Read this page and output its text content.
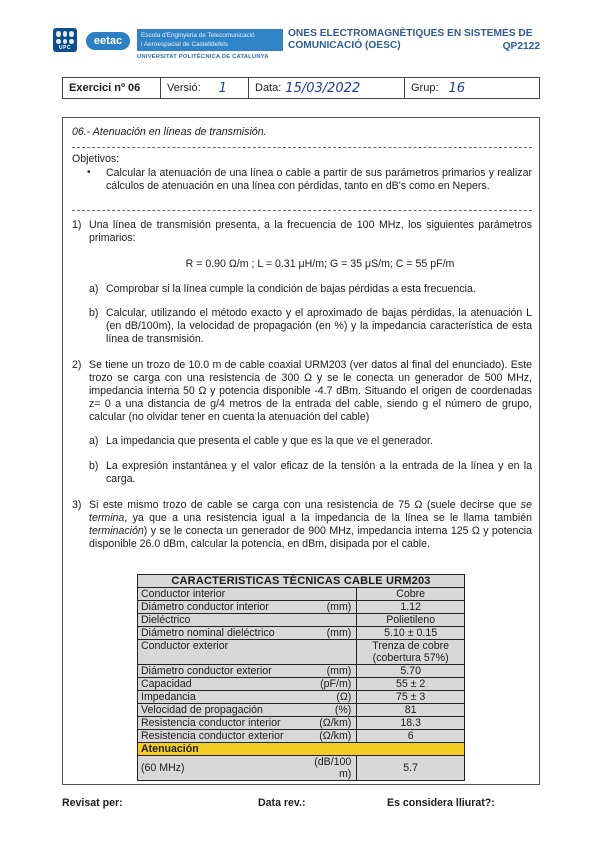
UPC
eetac	Escola d'Enginyeria de Telecomunicació
i Aeroespacial de Castelldefels
UNIVERSITAT POLITÈCNICA DE CATALUNYA
ONES ELECTROMAGNÈTIQUES EN SISTEMES DE COMUNICACIÓ (OESC)	QP2122
Exercici nº 06	Versió: 1	Data: 15/03/2022	Grup: 16
06.- Atenuación en líneas de transmisión.
Objetivos:
• Calcular la atenuación de una línea o cable a partir de sus parámetros primarios y realizar cálculos de atenuación en una línea con pérdidas, tanto en dB's como en Nepers.
1) Una línea de transmisión presenta, a la frecuencia de 100 MHz, los siguientes parámetros primarios:
R = 0.90 Ω/m ; L = 0.31 μH/m; G = 35 μS/m; C = 55 pF/m
a) Comprobar si la línea cumple la condición de bajas pérdidas a esta frecuencia.
b) Calcular, utilizando el método exacto y el aproximado de bajas pérdidas, la atenuación L (en dB/100m), la velocidad de propagación (en %) y la impedancia característica de esta línea de transmisión.
2) Se tiene un trozo de 10.0 m de cable coaxial URM203 (ver datos al final del enunciado). Este trozo se carga con una resistencia de 300 Ω y se le conecta un generador de 500 MHz, impedancia interna 50 Ω y potencia disponible -4.7 dBm. Situando el origen de coordenadas z= 0 a una distancia de g/4 metros de la entrada del cable, siendo g el número de grupo, calcular (no olvidar tener en cuenta la atenuación del cable)
a) La impedancia que presenta el cable y que es la que ve el generador.
b) La expresión instantánea y el valor eficaz de la tensión a la entrada de la línea y en la carga.
3) Si este mismo trozo de cable se carga con una resistencia de 75 Ω (suele decirse que se termina, ya que a una resistencia igual a la impedancia de la línea se le llama también terminación) y se le conecta un generador de 900 MHz, impedancia interna 125 Ω y potencia disponible 26.0 dBm, calcular la potencia, en dBm, disipada por el cable.
CARACTERISTICAS TÉCNICAS CABLE URM203		
Conductor interior		Cobre
Diámetro conductor interior	(mm)	1.12
Dieléctrico		Polietileno
Diámetro nominal dieléctrico	(mm)	5.10 ± 0.15
Conductor exterior		Trenza de cobre
(cobertura 57%)

Diámetro conductor exterior	(mm)	5.70
Capacidad	(pF/m)	55 ± 2
Impedancia	(Ω)	75 ± 3
Velocidad de propagación	(%)	81
Resistencia conductor interior	(Ω/km)	18.3
Resistencia conductor exterior	(Ω/km)	6
Atenuación		
(60 MHz)	(dB/100 m)	5.7
Revisat per:	Data rev.:	Es considera lliurat?:
